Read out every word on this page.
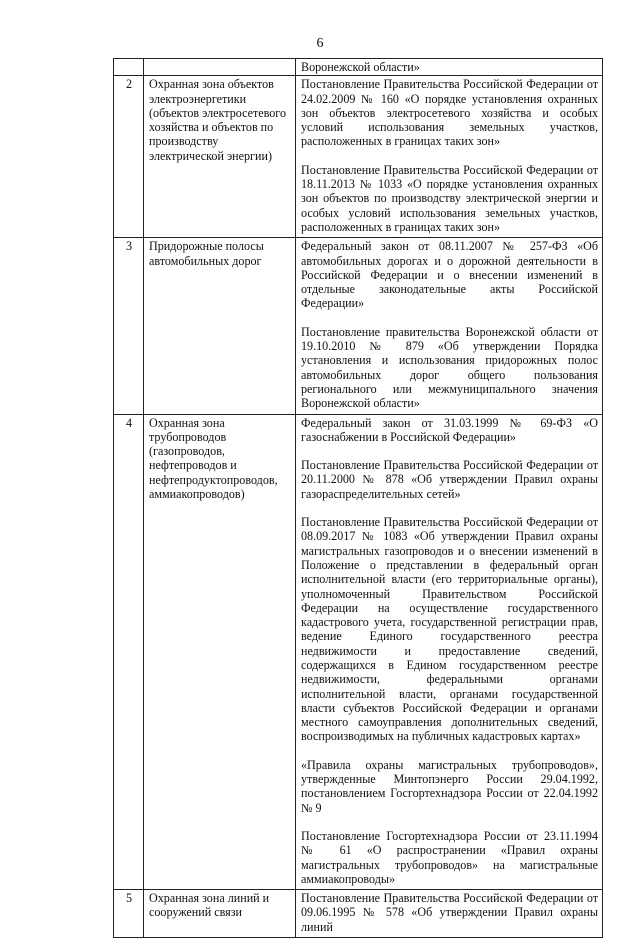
6

		Воронежской области»

2	Охранная зона объектов электроэнергетики (объектов электросетевого хозяйства и объектов по производству электрической энергии)	Постановление Правительства Российской Федерации от 24.02.2009 № 160 «О порядке установления охранных зон объектов электросетевого хозяйства и особых условий использования земельных участков, расположенных в границах таких зон»

Постановление Правительства Российской Федерации от 18.11.2013 № 1033 «О порядке установления охранных зон объектов по производству электрической энергии и особых условий использования земельных участков, расположенных в границах таких зон»

3	Придорожные полосы автомобильных дорог	Федеральный закон от 08.11.2007 № 257-ФЗ «Об автомобильных дорогах и о дорожной деятельности в Российской Федерации и о внесении изменений в отдельные законодательные акты Российской Федерации»

Постановление правительства Воронежской области от 19.10.2010 № 879 «Об утверждении Порядка установления и использования придорожных полос автомобильных дорог общего пользования регионального или межмуниципального значения Воронежской области»

4	Охранная зона трубопроводов (газопроводов, нефтепроводов и нефтепродуктопроводов, аммиакопроводов)	Федеральный закон от 31.03.1999 № 69-ФЗ «О газоснабжении в Российской Федерации»

Постановление Правительства Российской Федерации от 20.11.2000 № 878 «Об утверждении Правил охраны газораспределительных сетей»

Постановление Правительства Российской Федерации от 08.09.2017 № 1083 «Об утверждении Правил охраны магистральных газопроводов и о внесении изменений в Положение о представлении в федеральный орган исполнительной власти (его территориальные органы), уполномоченный Правительством Российской Федерации на осуществление государственного кадастрового учета, государственной регистрации прав, ведение Единого государственного реестра недвижимости и предоставление сведений, содержащихся в Едином государственном реестре недвижимости, федеральными органами исполнительной власти, органами государственной власти субъектов Российской Федерации и органами местного самоуправления дополнительных сведений, воспроизводимых на публичных кадастровых картах»

«Правила охраны магистральных трубопроводов», утвержденные Минтопэнерго России 29.04.1992, постановлением Госгортехнадзора России от 22.04.1992 № 9

Постановление Госгортехнадзора России от 23.11.1994 № 61 «О распространении «Правил охраны магистральных трубопроводов» на магистральные аммиакопроводы»

5	Охранная зона линий и сооружений связи	Постановление Правительства Российской Федерации от 09.06.1995 № 578 «Об утверждении Правил охраны линий
